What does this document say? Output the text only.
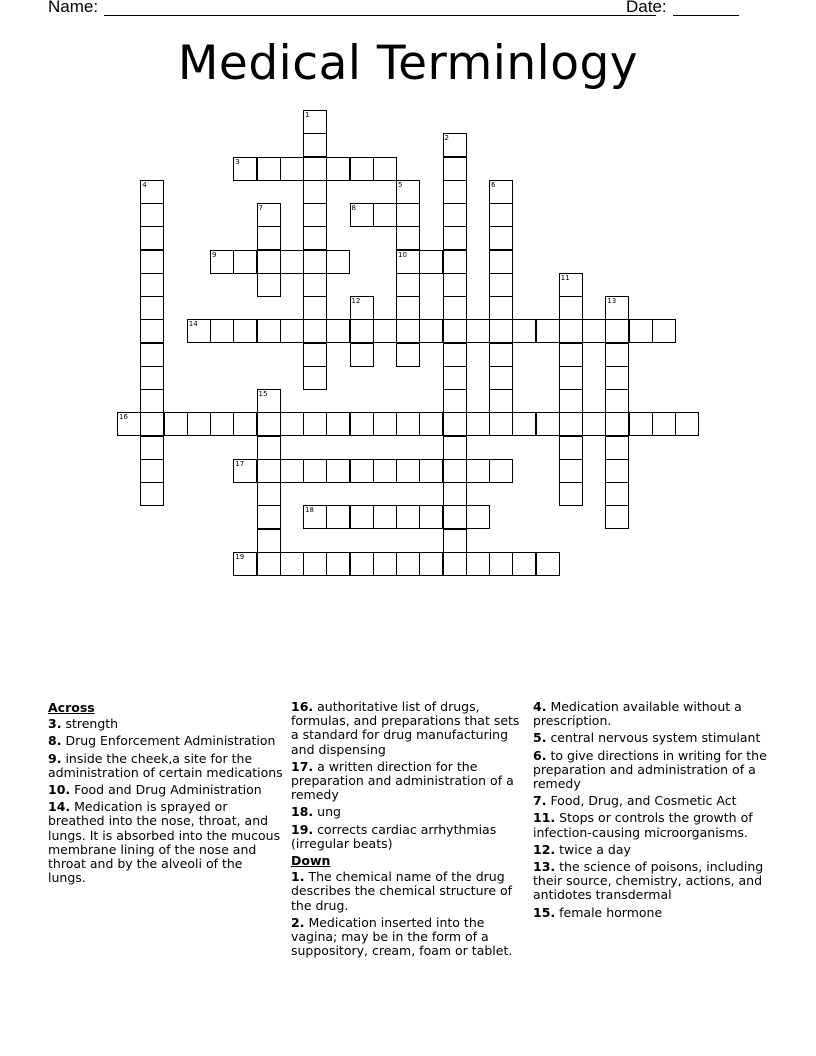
Name:	Date:
Medical Terminlogy
1
2
3
4	5
10
6
7	8
9
11
12	13
14
15
16
17
18
19
Across
3. strength
8. Drug Enforcement Administration
9. inside the cheek,a site for the administration of certain medications
10. Food and Drug Administration
14. Medication is sprayed or breathed into the nose, throat, and lungs. It is absorbed into the mucous membrane lining of the nose and throat and by the alveoli of the lungs.
16. authoritative list of drugs, formulas, and preparations that sets a standard for drug manufacturing and dispensing
17. a written direction for the preparation and administration of a remedy
18. ung
19. corrects cardiac arrhythmias (irregular beats)
Down
1. The chemical name of the drug describes the chemical structure of the drug.
2. Medication inserted into the vagina; may be in the form of a suppository, cream, foam or tablet.
4. Medication available without a prescription.
5. central nervous system stimulant
6. to give directions in writing for the preparation and administration of a remedy
7. Food, Drug, and Cosmetic Act
11. Stops or controls the growth of infection-causing microorganisms.
12. twice a day
13. the science of poisons, including their source, chemistry, actions, and antidotes transdermal
15. female hormone
